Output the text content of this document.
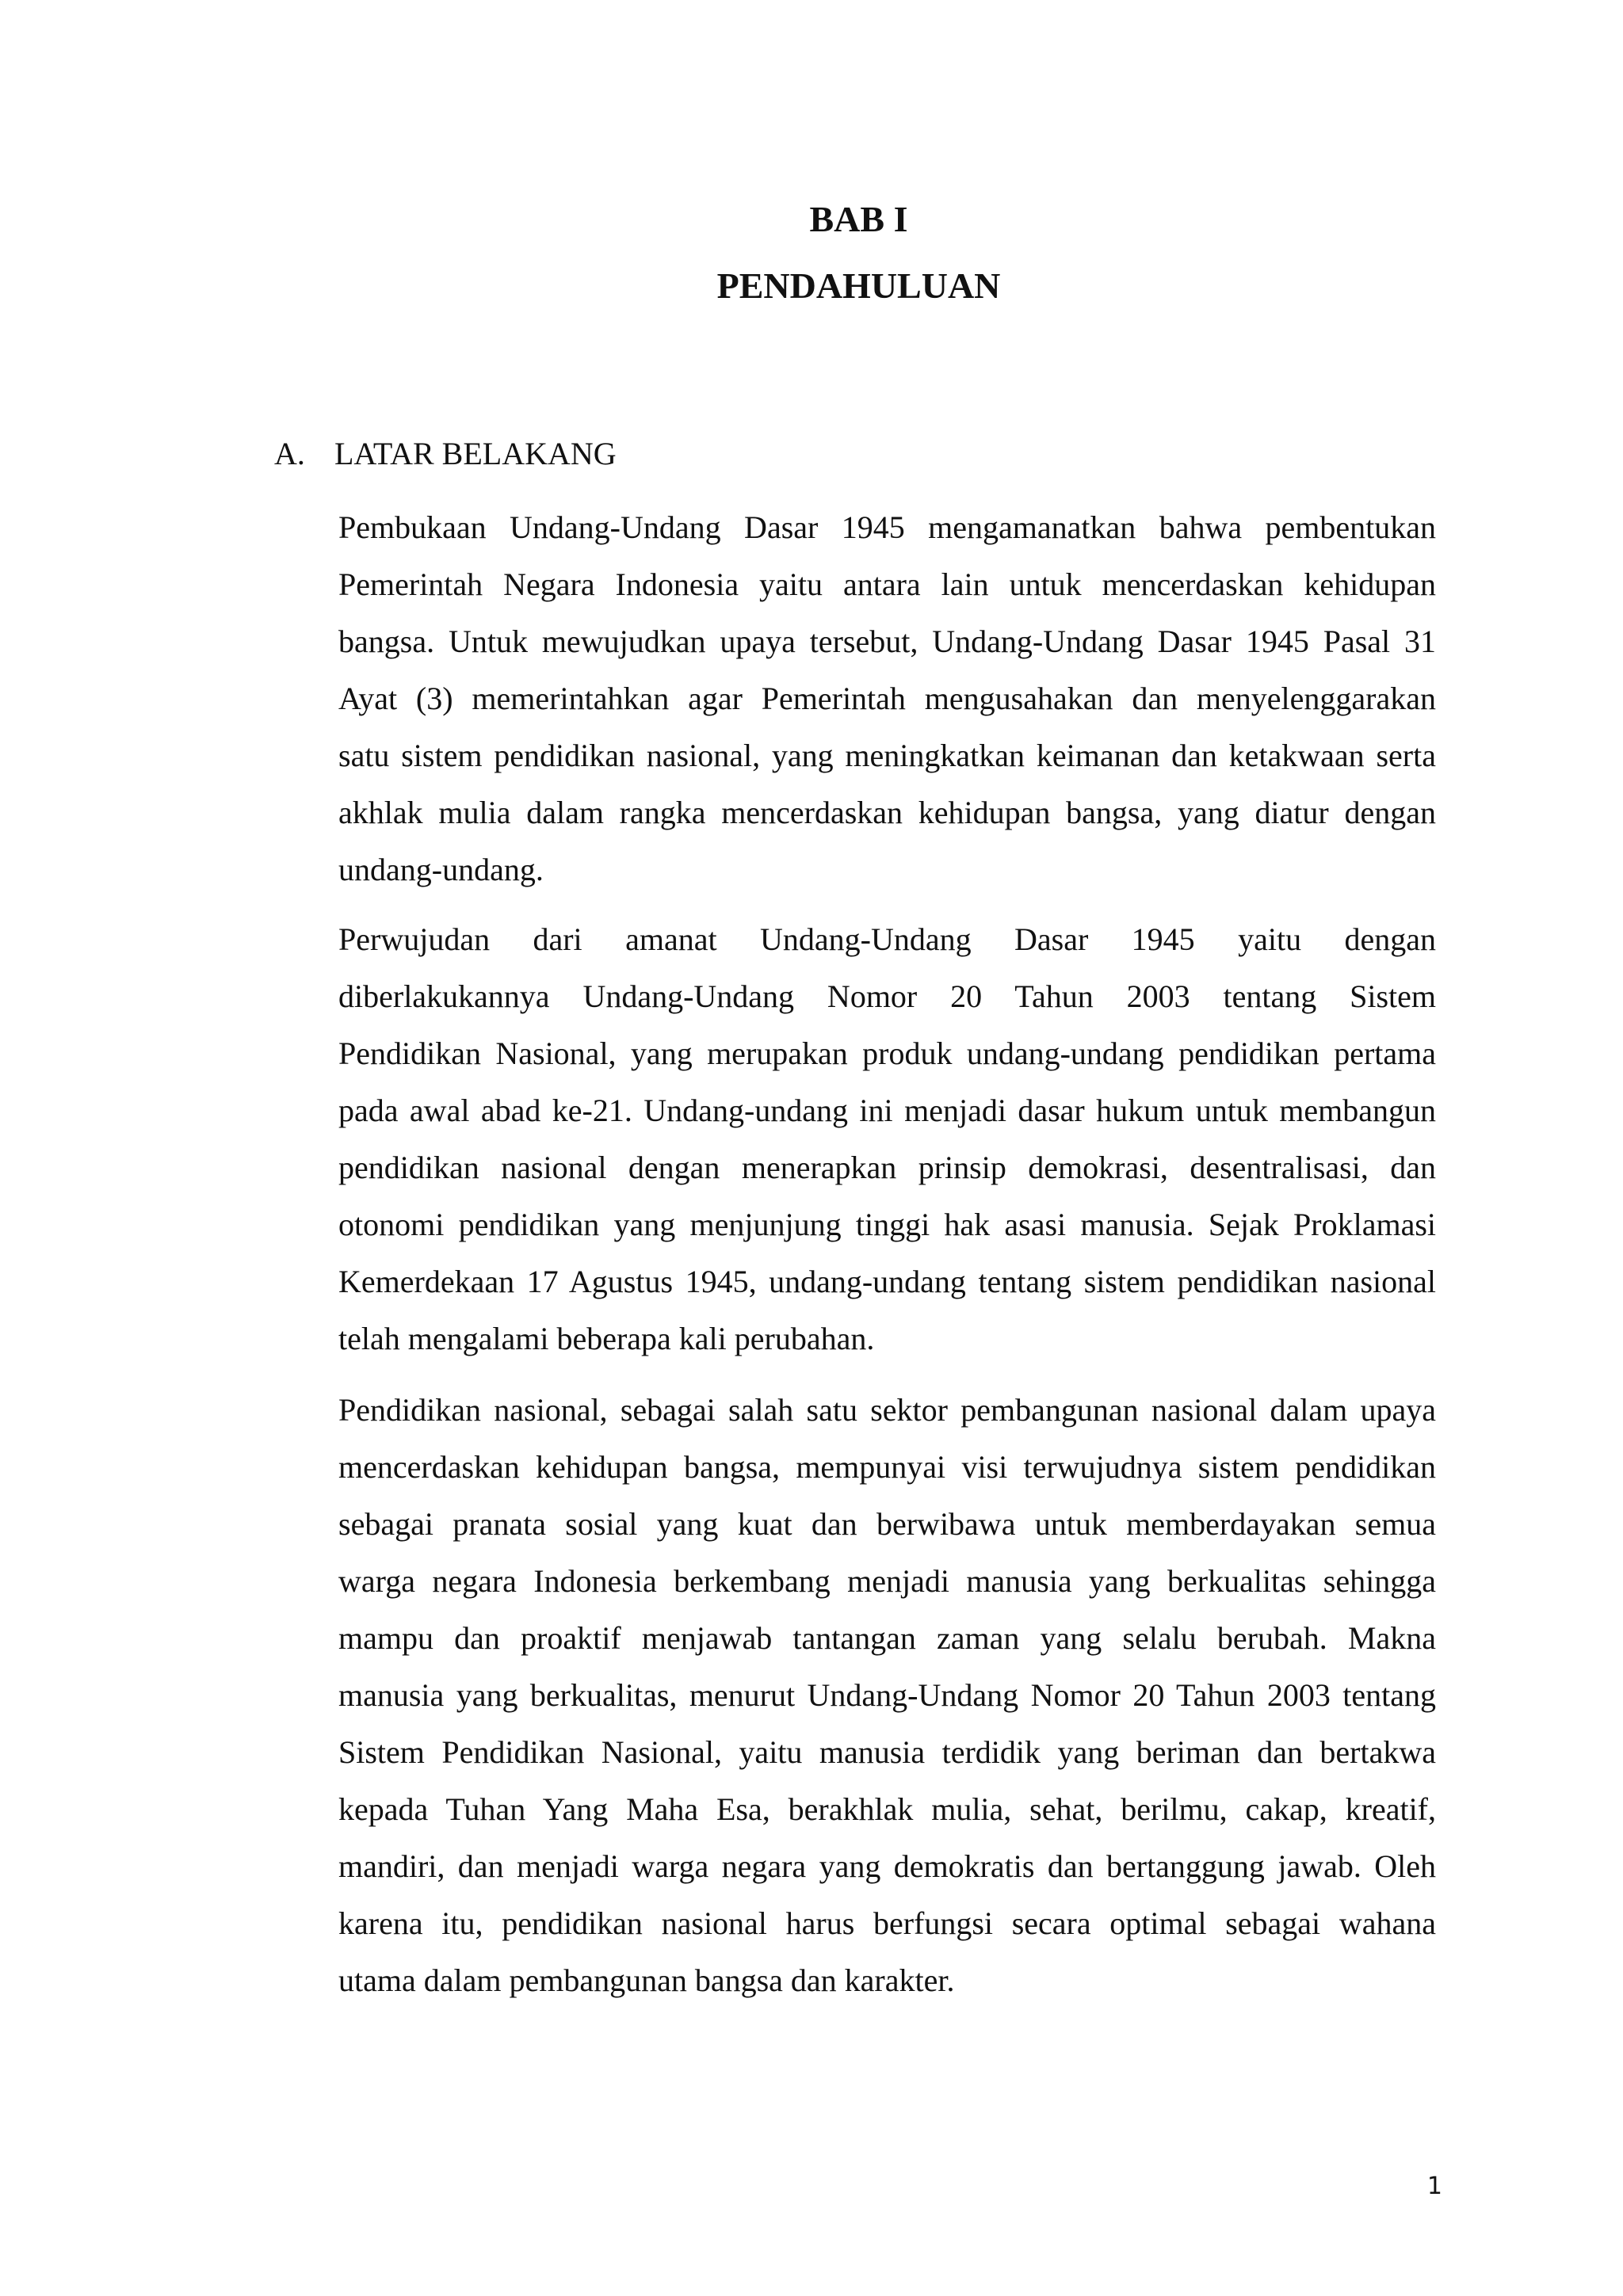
BAB I
PENDAHULUAN
A. LATAR BELAKANG
Pembukaan Undang-Undang Dasar 1945 mengamanatkan bahwa pembentukan
Pemerintah Negara Indonesia yaitu antara lain untuk mencerdaskan kehidupan
bangsa. Untuk mewujudkan upaya tersebut, Undang-Undang Dasar 1945 Pasal 31
Ayat (3) memerintahkan agar Pemerintah mengusahakan dan menyelenggarakan
satu sistem pendidikan nasional, yang meningkatkan keimanan dan ketakwaan serta
akhlak mulia dalam rangka mencerdaskan kehidupan bangsa, yang diatur dengan
undang-undang.
Perwujudan dari amanat Undang-Undang Dasar 1945 yaitu dengan
diberlakukannya Undang-Undang Nomor 20 Tahun 2003 tentang Sistem
Pendidikan Nasional, yang merupakan produk undang-undang pendidikan pertama
pada awal abad ke-21. Undang-undang ini menjadi dasar hukum untuk membangun
pendidikan nasional dengan menerapkan prinsip demokrasi, desentralisasi, dan
otonomi pendidikan yang menjunjung tinggi hak asasi manusia. Sejak Proklamasi
Kemerdekaan 17 Agustus 1945, undang-undang tentang sistem pendidikan nasional
telah mengalami beberapa kali perubahan.
Pendidikan nasional, sebagai salah satu sektor pembangunan nasional dalam upaya
mencerdaskan kehidupan bangsa, mempunyai visi terwujudnya sistem pendidikan
sebagai pranata sosial yang kuat dan berwibawa untuk memberdayakan semua
warga negara Indonesia berkembang menjadi manusia yang berkualitas sehingga
mampu dan proaktif menjawab tantangan zaman yang selalu berubah. Makna
manusia yang berkualitas, menurut Undang-Undang Nomor 20 Tahun 2003 tentang
Sistem Pendidikan Nasional, yaitu manusia terdidik yang beriman dan bertakwa
kepada Tuhan Yang Maha Esa, berakhlak mulia, sehat, berilmu, cakap, kreatif,
mandiri, dan menjadi warga negara yang demokratis dan bertanggung jawab. Oleh
karena itu, pendidikan nasional harus berfungsi secara optimal sebagai wahana
utama dalam pembangunan bangsa dan karakter.
1
